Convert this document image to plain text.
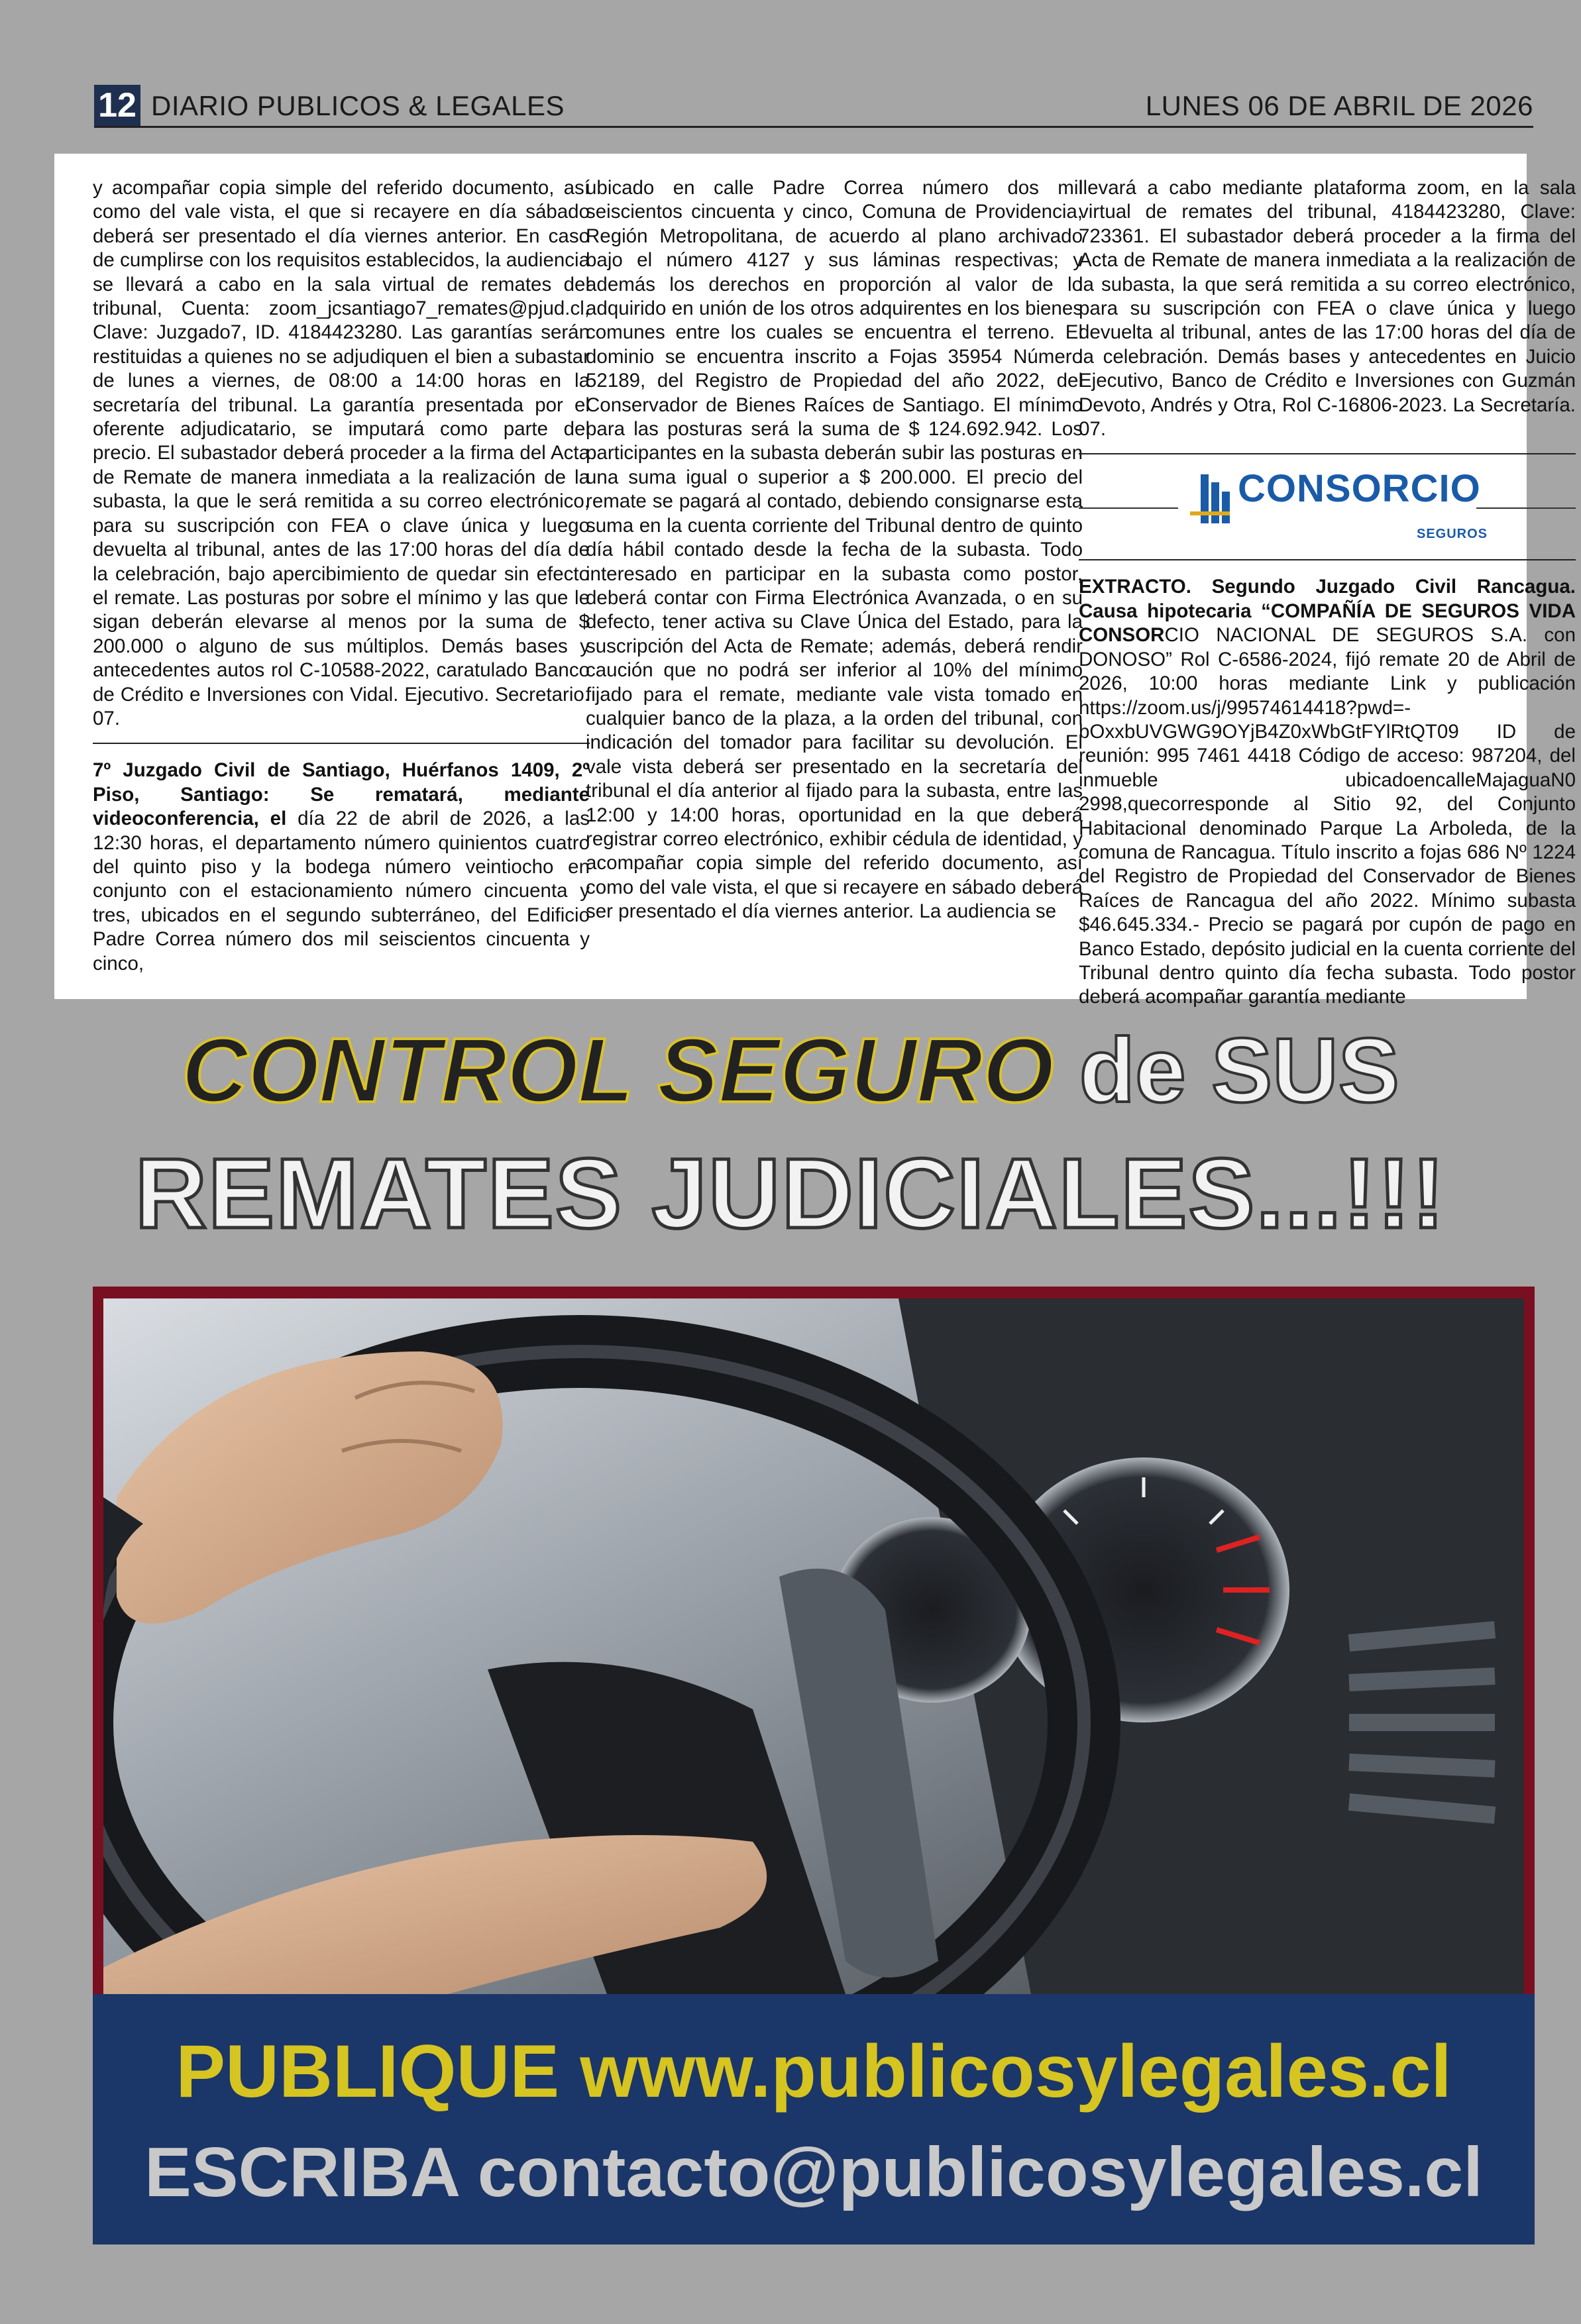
12 DIARIO PUBLICOS & LEGALES	LUNES 06 DE ABRIL DE 2026

y acompañar copia simple del referido documento, así como del vale vista, el que si recayere en día sábado deberá ser presentado el día viernes anterior. En caso de cumplirse con los requisitos establecidos, la audiencia se llevará a cabo en la sala virtual de remates del tribunal, Cuenta: zoom_jcsantiago7_remates@pjud.cl, Clave: Juzgado7, ID. 4184423280. Las garantías serán restituidas a quienes no se adjudiquen el bien a subastar de lunes a viernes, de 08:00 a 14:00 horas en la secretaría del tribunal. La garantía presentada por el oferente adjudicatario, se imputará como parte del precio. El subastador deberá proceder a la firma del Acta de Remate de manera inmediata a la realización de la subasta, la que le será remitida a su correo electrónico, para su suscripción con FEA o clave única y luego devuelta al tribunal, antes de las 17:00 horas del día de la celebración, bajo apercibimiento de quedar sin efecto el remate. Las posturas por sobre el mínimo y las que le sigan deberán elevarse al menos por la suma de $ 200.000 o alguno de sus múltiplos. Demás bases y antecedentes autos rol C-10588-2022, caratulado Banco de Crédito e Inversiones con Vidal. Ejecutivo. Secretario. 07.

7º Juzgado Civil de Santiago, Huérfanos 1409, 2º Piso, Santiago: Se rematará, mediante videoconferencia, el día 22 de abril de 2026, a las 12:30 horas, el departamento número quinientos cuatro del quinto piso y la bodega número veintiocho en conjunto con el estacionamiento número cincuenta y tres, ubicados en el segundo subterráneo, del Edificio Padre Correa número dos mil seiscientos cincuenta y cinco,

ubicado en calle Padre Correa número dos mil seiscientos cincuenta y cinco, Comuna de Providencia, Región Metropolitana, de acuerdo al plano archivado bajo el número 4127 y sus láminas respectivas; y además los derechos en proporción al valor de lo adquirido en unión de los otros adquirentes en los bienes comunes entre los cuales se encuentra el terreno. El dominio se encuentra inscrito a Fojas 35954 Número 52189, del Registro de Propiedad del año 2022, del Conservador de Bienes Raíces de Santiago. El mínimo para las posturas será la suma de $ 124.692.942. Los participantes en la subasta deberán subir las posturas en una suma igual o superior a $ 200.000. El precio del remate se pagará al contado, debiendo consignarse esta suma en la cuenta corriente del Tribunal dentro de quinto día hábil contado desde la fecha de la subasta. Todo interesado en participar en la subasta como postor, deberá contar con Firma Electrónica Avanzada, o en su defecto, tener activa su Clave Única del Estado, para la suscripción del Acta de Remate; además, deberá rendir caución que no podrá ser inferior al 10% del mínimo fijado para el remate, mediante vale vista tomado en cualquier banco de la plaza, a la orden del tribunal, con indicación del tomador para facilitar su devolución. El vale vista deberá ser presentado en la secretaría del tribunal el día anterior al fijado para la subasta, entre las 12:00 y 14:00 horas, oportunidad en la que deberá registrar correo electrónico, exhibir cédula de identidad, y acompañar copia simple del referido documento, así como del vale vista, el que si recayere en sábado deberá ser presentado el día viernes anterior. La audiencia se

llevará a cabo mediante plataforma zoom, en la sala virtual de remates del tribunal, 4184423280, Clave: 723361. El subastador deberá proceder a la firma del Acta de Remate de manera inmediata a la realización de la subasta, la que será remitida a su correo electrónico, para su suscripción con FEA o clave única y luego devuelta al tribunal, antes de las 17:00 horas del día de la celebración. Demás bases y antecedentes en Juicio Ejecutivo, Banco de Crédito e Inversiones con Guzmán Devoto, Andrés y Otra, Rol C-16806-2023. La Secretaría. 07.

CONSORCIO
SEGUROS

EXTRACTO. Segundo Juzgado Civil Rancagua. Causa hipotecaria “COMPAÑÍA DE SEGUROS VIDA CONSORCIO NACIONAL DE SEGUROS S.A. con DONOSO” Rol C-6586-2024, fijó remate 20 de Abril de 2026, 10:00 horas mediante Link y publicación https://zoom.us/j/99574614418?pwd=-bOxxbUVGWG9OYjB4Z0xWbGtFYlRtQT09 ID de reunión: 995 7461 4418 Código de acceso: 987204, del inmueble ubicadoencalleMajaguaN0 2998,quecorresponde al Sitio 92, del Conjunto Habitacional denominado Parque La Arboleda, de la comuna de Rancagua. Título inscrito a fojas 686 Nº 1224 del Registro de Propiedad del Conservador de Bienes Raíces de Rancagua del año 2022. Mínimo subasta $46.645.334.- Precio se pagará por cupón de pago en Banco Estado, depósito judicial en la cuenta corriente del Tribunal dentro quinto día fecha subasta. Todo postor deberá acompañar garantía mediante

CONTROL SEGURO de SUS
REMATES JUDICIALES...!!!
PUBLIQUE www.publicosylegales.cl
ESCRIBA contacto@publicosylegales.cl
